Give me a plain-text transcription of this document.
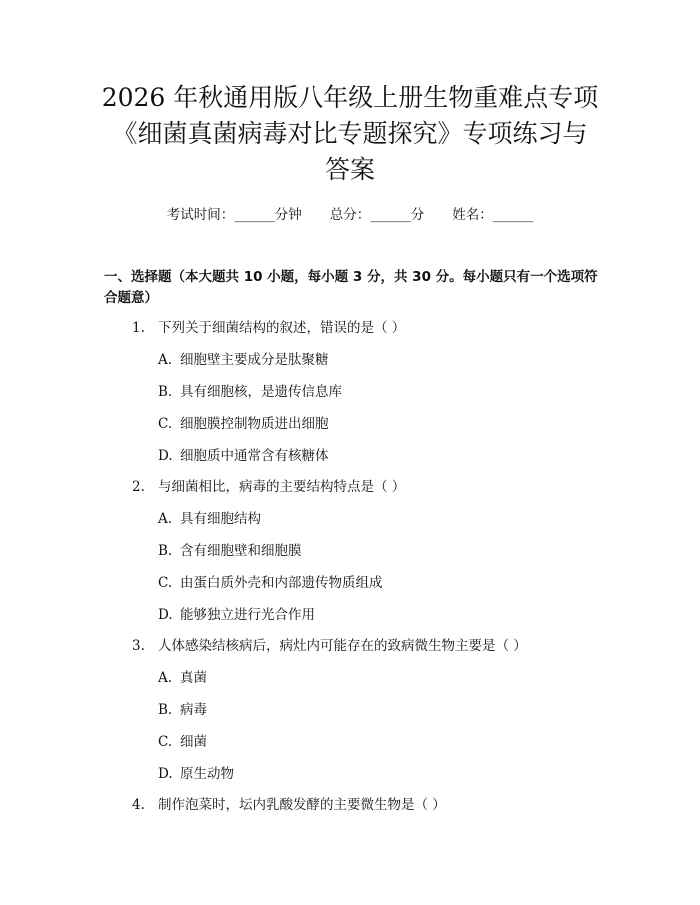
2026 年秋通用版八年级上册生物重难点专项
《细菌真菌病毒对比专题探究》专项练习与
答案
考试时间：______分钟 总分：______分 姓名：______
一、选择题（本大题共 10 小题，每小题 3 分，共 30 分。每小题只有一个选项符合题意）
1. 下列关于细菌结构的叙述，错误的是（ ）
A. 细胞壁主要成分是肽聚糖
B. 具有细胞核，是遗传信息库
C. 细胞膜控制物质进出细胞
D. 细胞质中通常含有核糖体
2. 与细菌相比，病毒的主要结构特点是（ ）
A. 具有细胞结构
B. 含有细胞壁和细胞膜
C. 由蛋白质外壳和内部遗传物质组成
D. 能够独立进行光合作用
3. 人体感染结核病后，病灶内可能存在的致病微生物主要是（ ）
A. 真菌
B. 病毒
C. 细菌
D. 原生动物
4. 制作泡菜时，坛内乳酸发酵的主要微生物是（ ）
